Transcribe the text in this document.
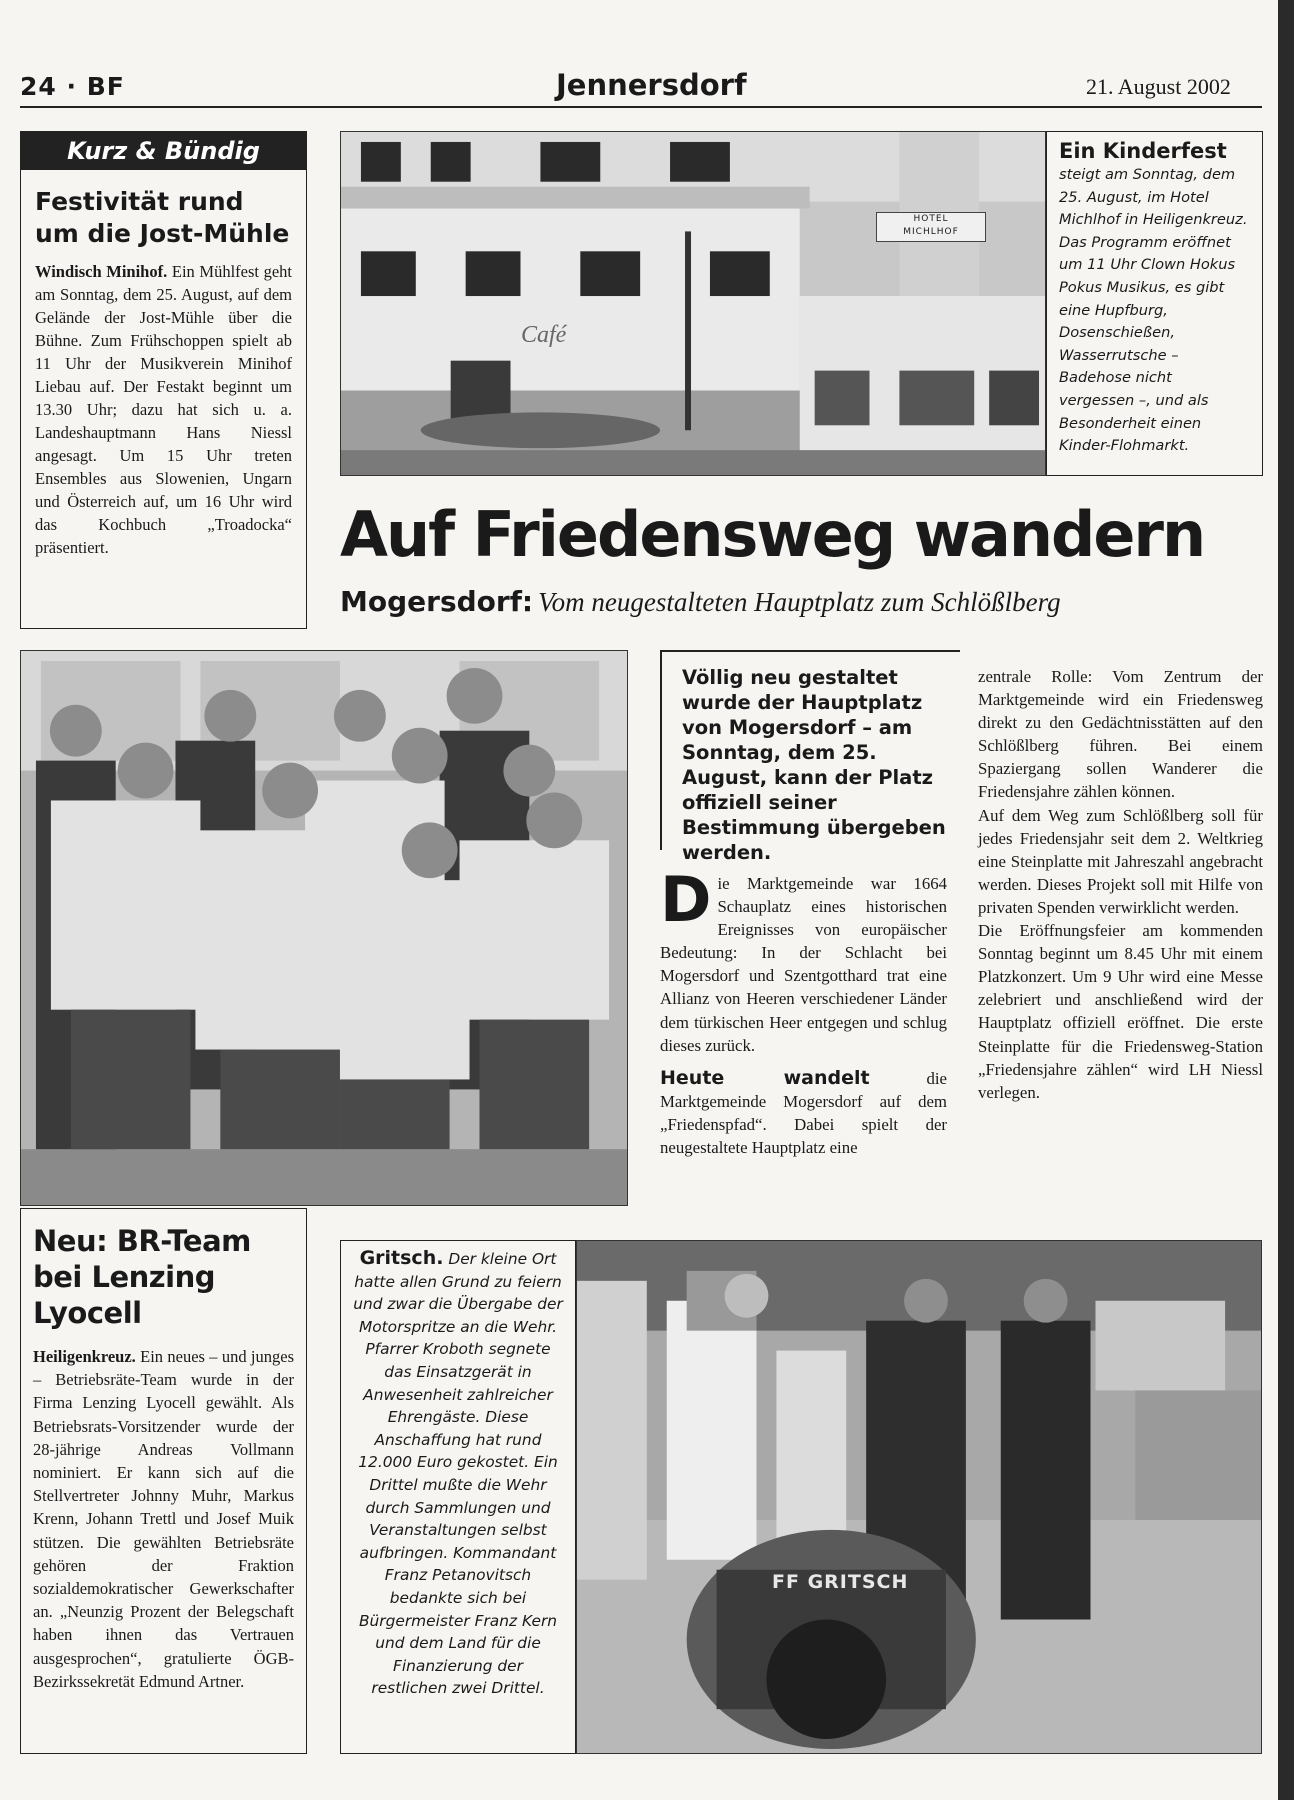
24 · BF	Jennersdorf	21. August 2002
Kurz & Bündig
Festivität rund um die Jost-Mühle

Windisch Minihof. Ein Mühlfest geht am Sonntag, dem 25. August, auf dem Gelände der Jost-Mühle über die Bühne. Zum Frühschoppen spielt ab 11 Uhr der Musikverein Minihof Liebau auf. Der Festakt beginnt um 13.30 Uhr; dazu hat sich u. a. Landeshauptmann Hans Niessl angesagt. Um 15 Uhr treten Ensembles aus Slowenien, Ungarn und Österreich auf, um 16 Uhr wird das Kochbuch „Troadocka“ präsentiert.

HOTEL
MICHLHOF
Café
Ein Kinderfest

steigt am Sonntag, dem 25. August, im Hotel Michlhof in Heiligenkreuz. Das Programm eröffnet um 11 Uhr Clown Hokus Pokus Musikus, es gibt eine Hupfburg, Dosenschießen, Wasserrutsche – Badehose nicht vergessen –, und als Besonderheit einen Kinder-Flohmarkt.

Auf Friedensweg wandern
Mogersdorf: Vom neugestalteten Hauptplatz zum Schlößlberg

Völlig neu gestaltet wurde der Hauptplatz von Mogersdorf – am Sonntag, dem 25. August, kann der Platz offiziell seiner Bestimmung übergeben werden.

D ie Marktgemeinde war 1664 Schauplatz eines historischen Ereignisses von europäischer Bedeutung: In der Schlacht bei Mogersdorf und Szentgotthard trat eine Allianz von Heeren verschiedener Länder dem türkischen Heer entgegen und schlug dieses zurück.

Heute wandelt	die Marktgemeinde Mogersdorf auf dem „Friedenspfad“. Dabei spielt der neugestaltete Hauptplatz eine

zentrale Rolle: Vom Zentrum der Marktgemeinde wird ein Friedensweg direkt zu den Gedächtnisstätten auf den Schlößlberg führen. Bei einem Spaziergang sollen Wanderer die Friedensjahre zählen können.

Auf dem Weg zum Schlößlberg soll für jedes Friedensjahr seit dem 2. Weltkrieg eine Steinplatte mit Jahreszahl angebracht werden. Dieses Projekt soll mit Hilfe von privaten Spenden verwirklicht werden.

Die Eröffnungsfeier am kommenden Sonntag beginnt um 8.45 Uhr mit einem Platzkonzert. Um 9 Uhr wird eine Messe zelebriert und anschließend wird der Hauptplatz offiziell eröffnet. Die erste Steinplatte für die Friedensweg-Station „Friedensjahre zählen“ wird LH Niessl verlegen.

Neu: BR-Team bei Lenzing Lyocell

Heiligenkreuz. Ein neues – und junges – Betriebsräte-Team wurde in der Firma Lenzing Lyocell gewählt. Als Betriebsrats-Vorsitzender wurde der 28-jährige Andreas Vollmann nominiert. Er kann sich auf die Stellvertreter Johnny Muhr, Markus Krenn, Johann Trettl und Josef Muik stützen. Die gewählten Betriebsräte gehören der Fraktion sozialdemokratischer Gewerkschafter an. „Neunzig Prozent der Belegschaft haben ihnen das Vertrauen ausgesprochen“, gratulierte ÖGB-Bezirkssekretät Edmund Artner.

Gritsch. Der kleine Ort hatte allen Grund zu feiern und zwar die Übergabe der Motorspritze an die Wehr. Pfarrer Kroboth segnete das Einsatzgerät in Anwesenheit zahlreicher Ehrengäste. Diese Anschaffung hat rund 12.000 Euro gekostet. Ein Drittel mußte die Wehr durch Sammlungen und Veranstaltungen selbst aufbringen. Kommandant Franz Petanovitsch bedankte sich bei Bürgermeister Franz Kern und dem Land für die Finanzierung der restlichen zwei Drittel.

FF GRITSCH
